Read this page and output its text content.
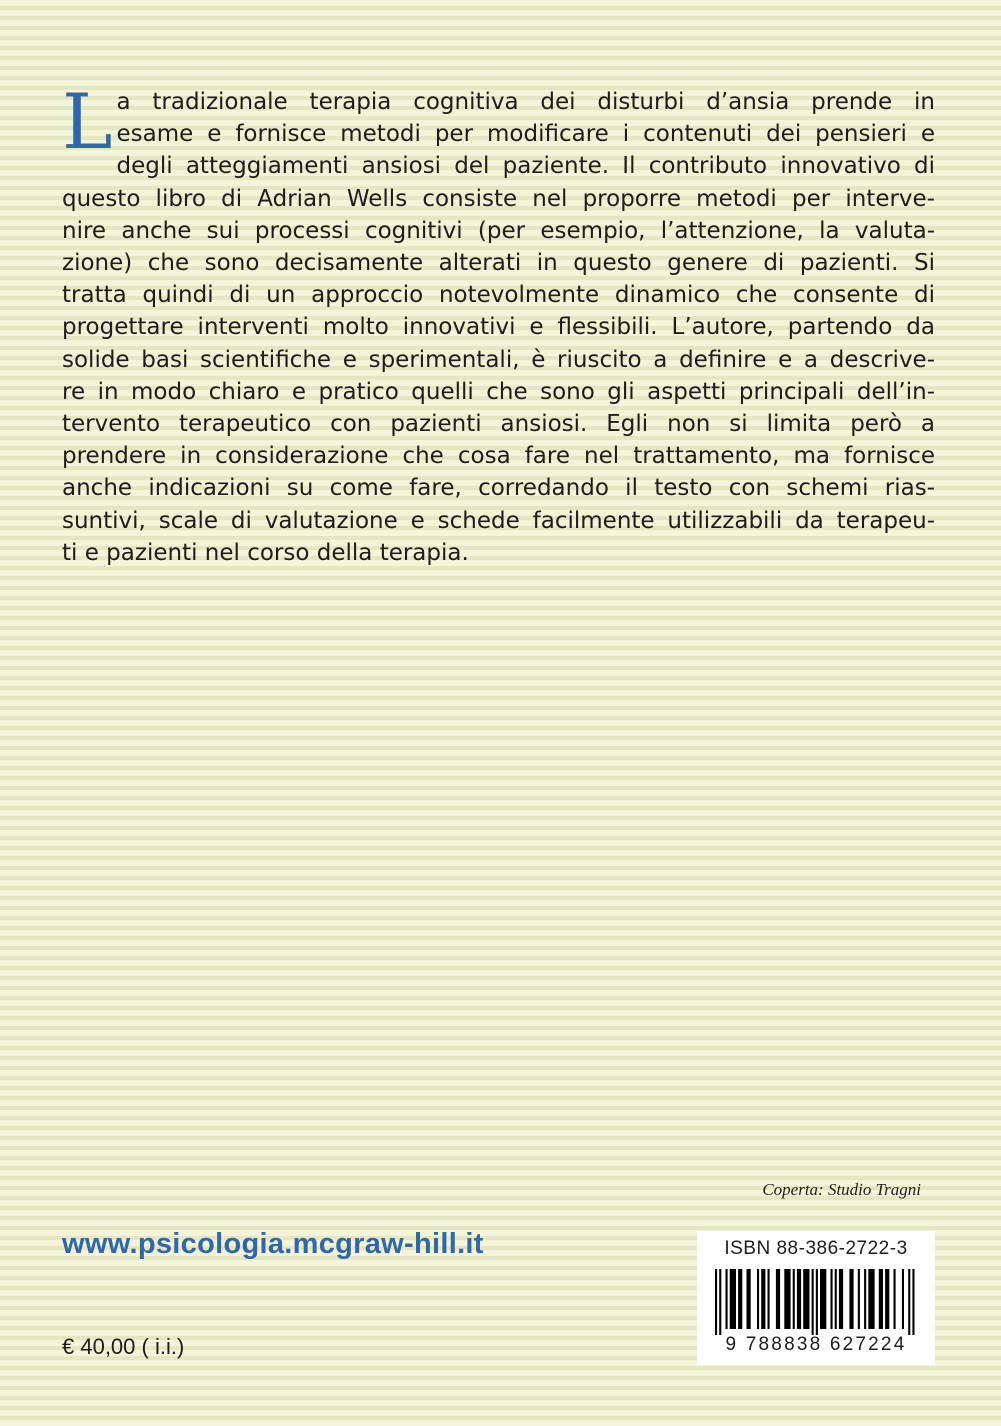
L a tradizionale terapia cognitiva dei disturbi d’ansia prende in
esame e fornisce metodi per modificare i contenuti dei pensieri e
degli atteggiamenti ansiosi del paziente. Il contributo innovativo di
questo libro di Adrian Wells consiste nel proporre metodi per interve-
nire anche sui processi cognitivi (per esempio, l’attenzione, la valuta-
zione) che sono decisamente alterati in questo genere di pazienti. Si
tratta quindi di un approccio notevolmente dinamico che consente di
progettare interventi molto innovativi e flessibili. L’autore, partendo da
solide basi scientifiche e sperimentali, è riuscito a definire e a descrive-
re in modo chiaro e pratico quelli che sono gli aspetti principali dell’in-
tervento terapeutico con pazienti ansiosi. Egli non si limita però a
prendere in considerazione che cosa fare nel trattamento, ma fornisce
anche indicazioni su come fare, corredando il testo con schemi rias-
suntivi, scale di valutazione e schede facilmente utilizzabili da terapeu-
ti e pazienti nel corso della terapia.
Coperta: Studio Tragni
www.psicologia.mcgraw-hill.it
€ 40,00 ( i.i.)
ISBN 88-386-2722-3
9 788838 627224
